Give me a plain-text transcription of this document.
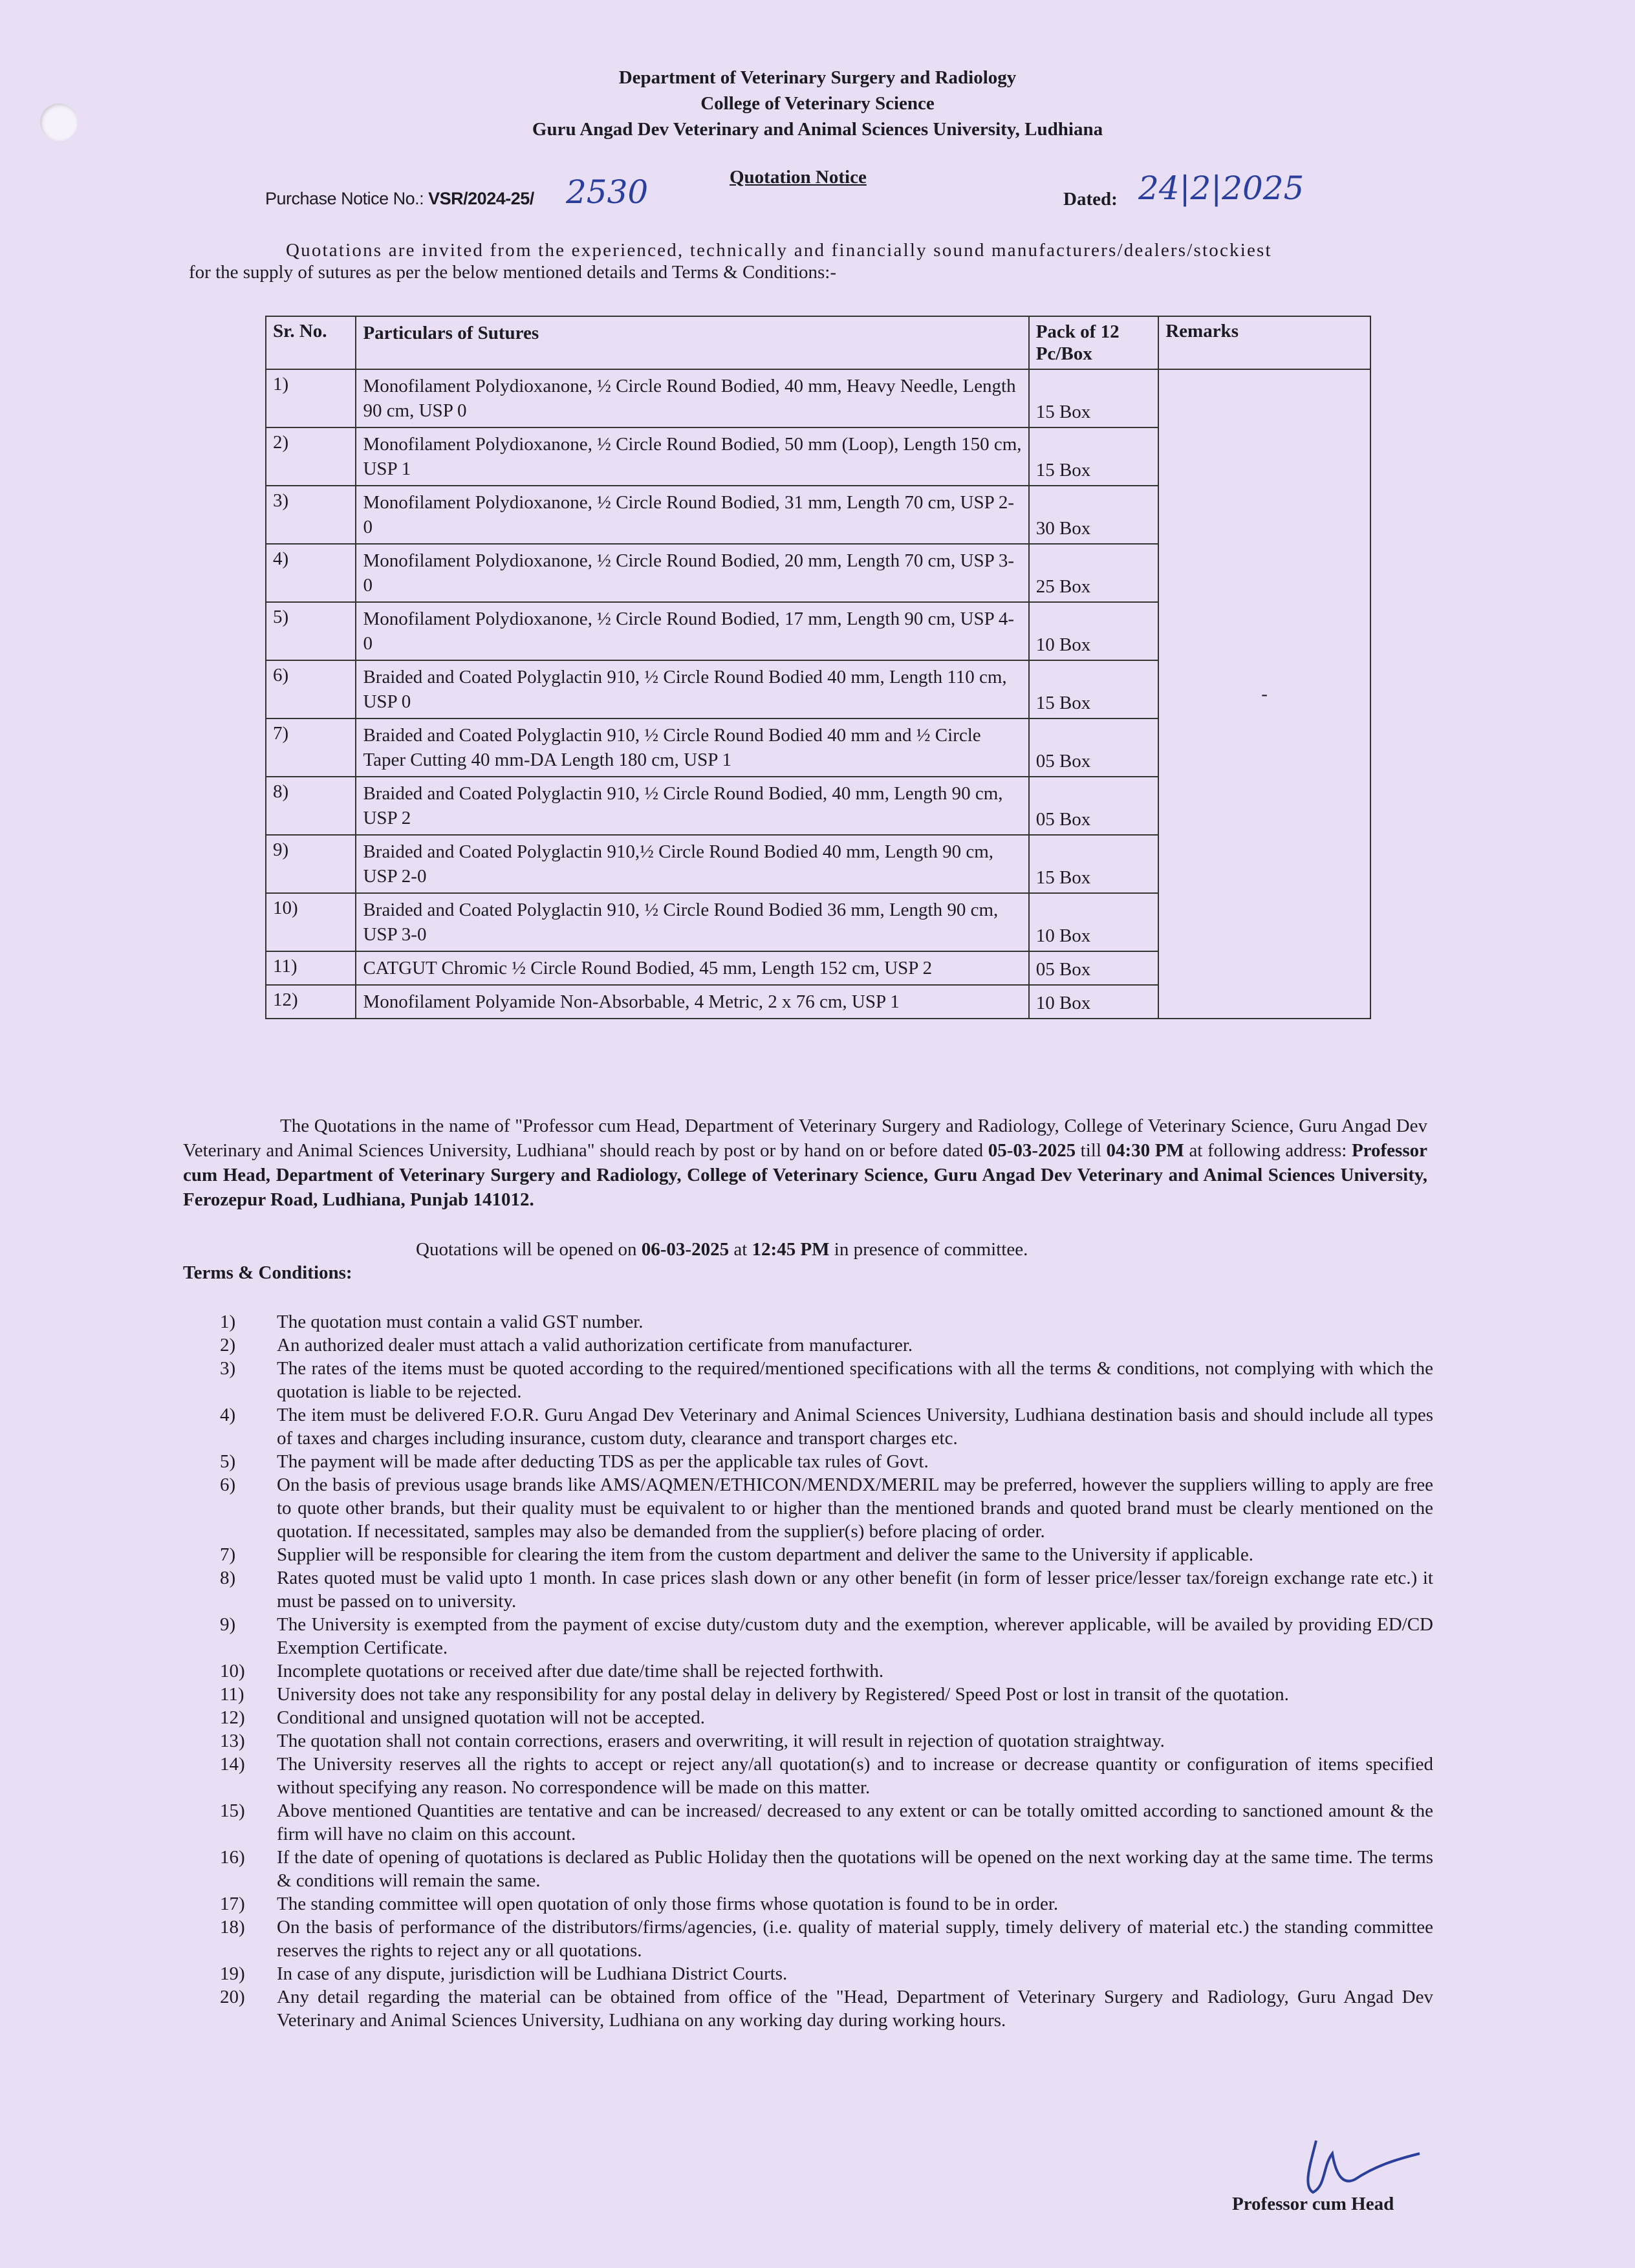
Department of Veterinary Surgery and Radiology
College of Veterinary Science
Guru Angad Dev Veterinary and Animal Sciences University, Ludhiana
Quotation Notice
Purchase Notice No.: VSR/2024-25/ 2530	Dated: 24|2|2025
Quotations are invited from the experienced, technically and financially sound manufacturers/dealers/stockiest
for the supply of sutures as per the below mentioned details and Terms & Conditions:-
Sr. No.	Particulars of Sutures	Pack of 12 Pc/Box	Remarks
1)	Monofilament Polydioxanone, ½ Circle Round Bodied, 40 mm, Heavy Needle, Length 90 cm, USP 0	15 Box	-
2)	Monofilament Polydioxanone, ½ Circle Round Bodied, 50 mm (Loop), Length 150 cm, USP 1	15 Box	
3)	Monofilament Polydioxanone, ½ Circle Round Bodied, 31 mm, Length 70 cm, USP 2-0	30 Box	
4)	Monofilament Polydioxanone, ½ Circle Round Bodied, 20 mm, Length 70 cm, USP 3-0	25 Box	
5)	Monofilament Polydioxanone, ½ Circle Round Bodied, 17 mm, Length 90 cm, USP 4-0	10 Box	
6)	Braided and Coated Polyglactin 910, ½ Circle Round Bodied 40 mm, Length 110 cm, USP 0	15 Box	
7)	Braided and Coated Polyglactin 910, ½ Circle Round Bodied 40 mm and ½ Circle Taper Cutting 40 mm-DA Length 180 cm, USP 1	05 Box	
8)	Braided and Coated Polyglactin 910, ½ Circle Round Bodied, 40 mm, Length 90 cm, USP 2	05 Box	
9)	Braided and Coated Polyglactin 910,½ Circle Round Bodied 40 mm, Length 90 cm, USP 2-0	15 Box	
10)	Braided and Coated Polyglactin 910, ½ Circle Round Bodied 36 mm, Length 90 cm, USP 3-0	10 Box	
11)	CATGUT Chromic ½ Circle Round Bodied, 45 mm, Length 152 cm, USP 2	05 Box	
12)	Monofilament Polyamide Non-Absorbable, 4 Metric, 2 x 76 cm, USP 1	10 Box	
The Quotations in the name of "Professor cum Head, Department of Veterinary Surgery and Radiology, College of Veterinary Science, Guru Angad Dev Veterinary and Animal Sciences University, Ludhiana" should reach by post or by hand on or before dated 05-03-2025 till 04:30 PM at following address: Professor cum Head, Department of Veterinary Surgery and Radiology, College of Veterinary Science, Guru Angad Dev Veterinary and Animal Sciences University, Ferozepur Road, Ludhiana, Punjab 141012.
Quotations will be opened on 06-03-2025 at 12:45 PM in presence of committee.
Terms & Conditions:
1)	The quotation must contain a valid GST number.
2)	An authorized dealer must attach a valid authorization certificate from manufacturer.
3)	The rates of the items must be quoted according to the required/mentioned specifications with all the terms & conditions, not complying with which the quotation is liable to be rejected.
4)	The item must be delivered F.O.R. Guru Angad Dev Veterinary and Animal Sciences University, Ludhiana destination basis and should include all types of taxes and charges including insurance, custom duty, clearance and transport charges etc.
5)	The payment will be made after deducting TDS as per the applicable tax rules of Govt.
6)	On the basis of previous usage brands like AMS/AQMEN/ETHICON/MENDX/MERIL may be preferred, however the suppliers willing to apply are free to quote other brands, but their quality must be equivalent to or higher than the mentioned brands and quoted brand must be clearly mentioned on the quotation. If necessitated, samples may also be demanded from the supplier(s) before placing of order.
7)	Supplier will be responsible for clearing the item from the custom department and deliver the same to the University if applicable.
8)	Rates quoted must be valid upto 1 month. In case prices slash down or any other benefit (in form of lesser price/lesser tax/foreign exchange rate etc.) it must be passed on to university.
9)	The University is exempted from the payment of excise duty/custom duty and the exemption, wherever applicable, will be availed by providing ED/CD Exemption Certificate.
10)	Incomplete quotations or received after due date/time shall be rejected forthwith.
11)	University does not take any responsibility for any postal delay in delivery by Registered/ Speed Post or lost in transit of the quotation.
12)	Conditional and unsigned quotation will not be accepted.
13)	The quotation shall not contain corrections, erasers and overwriting, it will result in rejection of quotation straightway.
14)	The University reserves all the rights to accept or reject any/all quotation(s) and to increase or decrease quantity or configuration of items specified without specifying any reason. No correspondence will be made on this matter.
15)	Above mentioned Quantities are tentative and can be increased/ decreased to any extent or can be totally omitted according to sanctioned amount & the firm will have no claim on this account.
16)	If the date of opening of quotations is declared as Public Holiday then the quotations will be opened on the next working day at the same time. The terms & conditions will remain the same.
17)	The standing committee will open quotation of only those firms whose quotation is found to be in order.
18)	On the basis of performance of the distributors/firms/agencies, (i.e. quality of material supply, timely delivery of material etc.) the standing committee reserves the rights to reject any or all quotations.
19)	In case of any dispute, jurisdiction will be Ludhiana District Courts.
20)	Any detail regarding the material can be obtained from office of the "Head, Department of Veterinary Surgery and Radiology, Guru Angad Dev Veterinary and Animal Sciences University, Ludhiana on any working day during working hours.
Professor cum Head
